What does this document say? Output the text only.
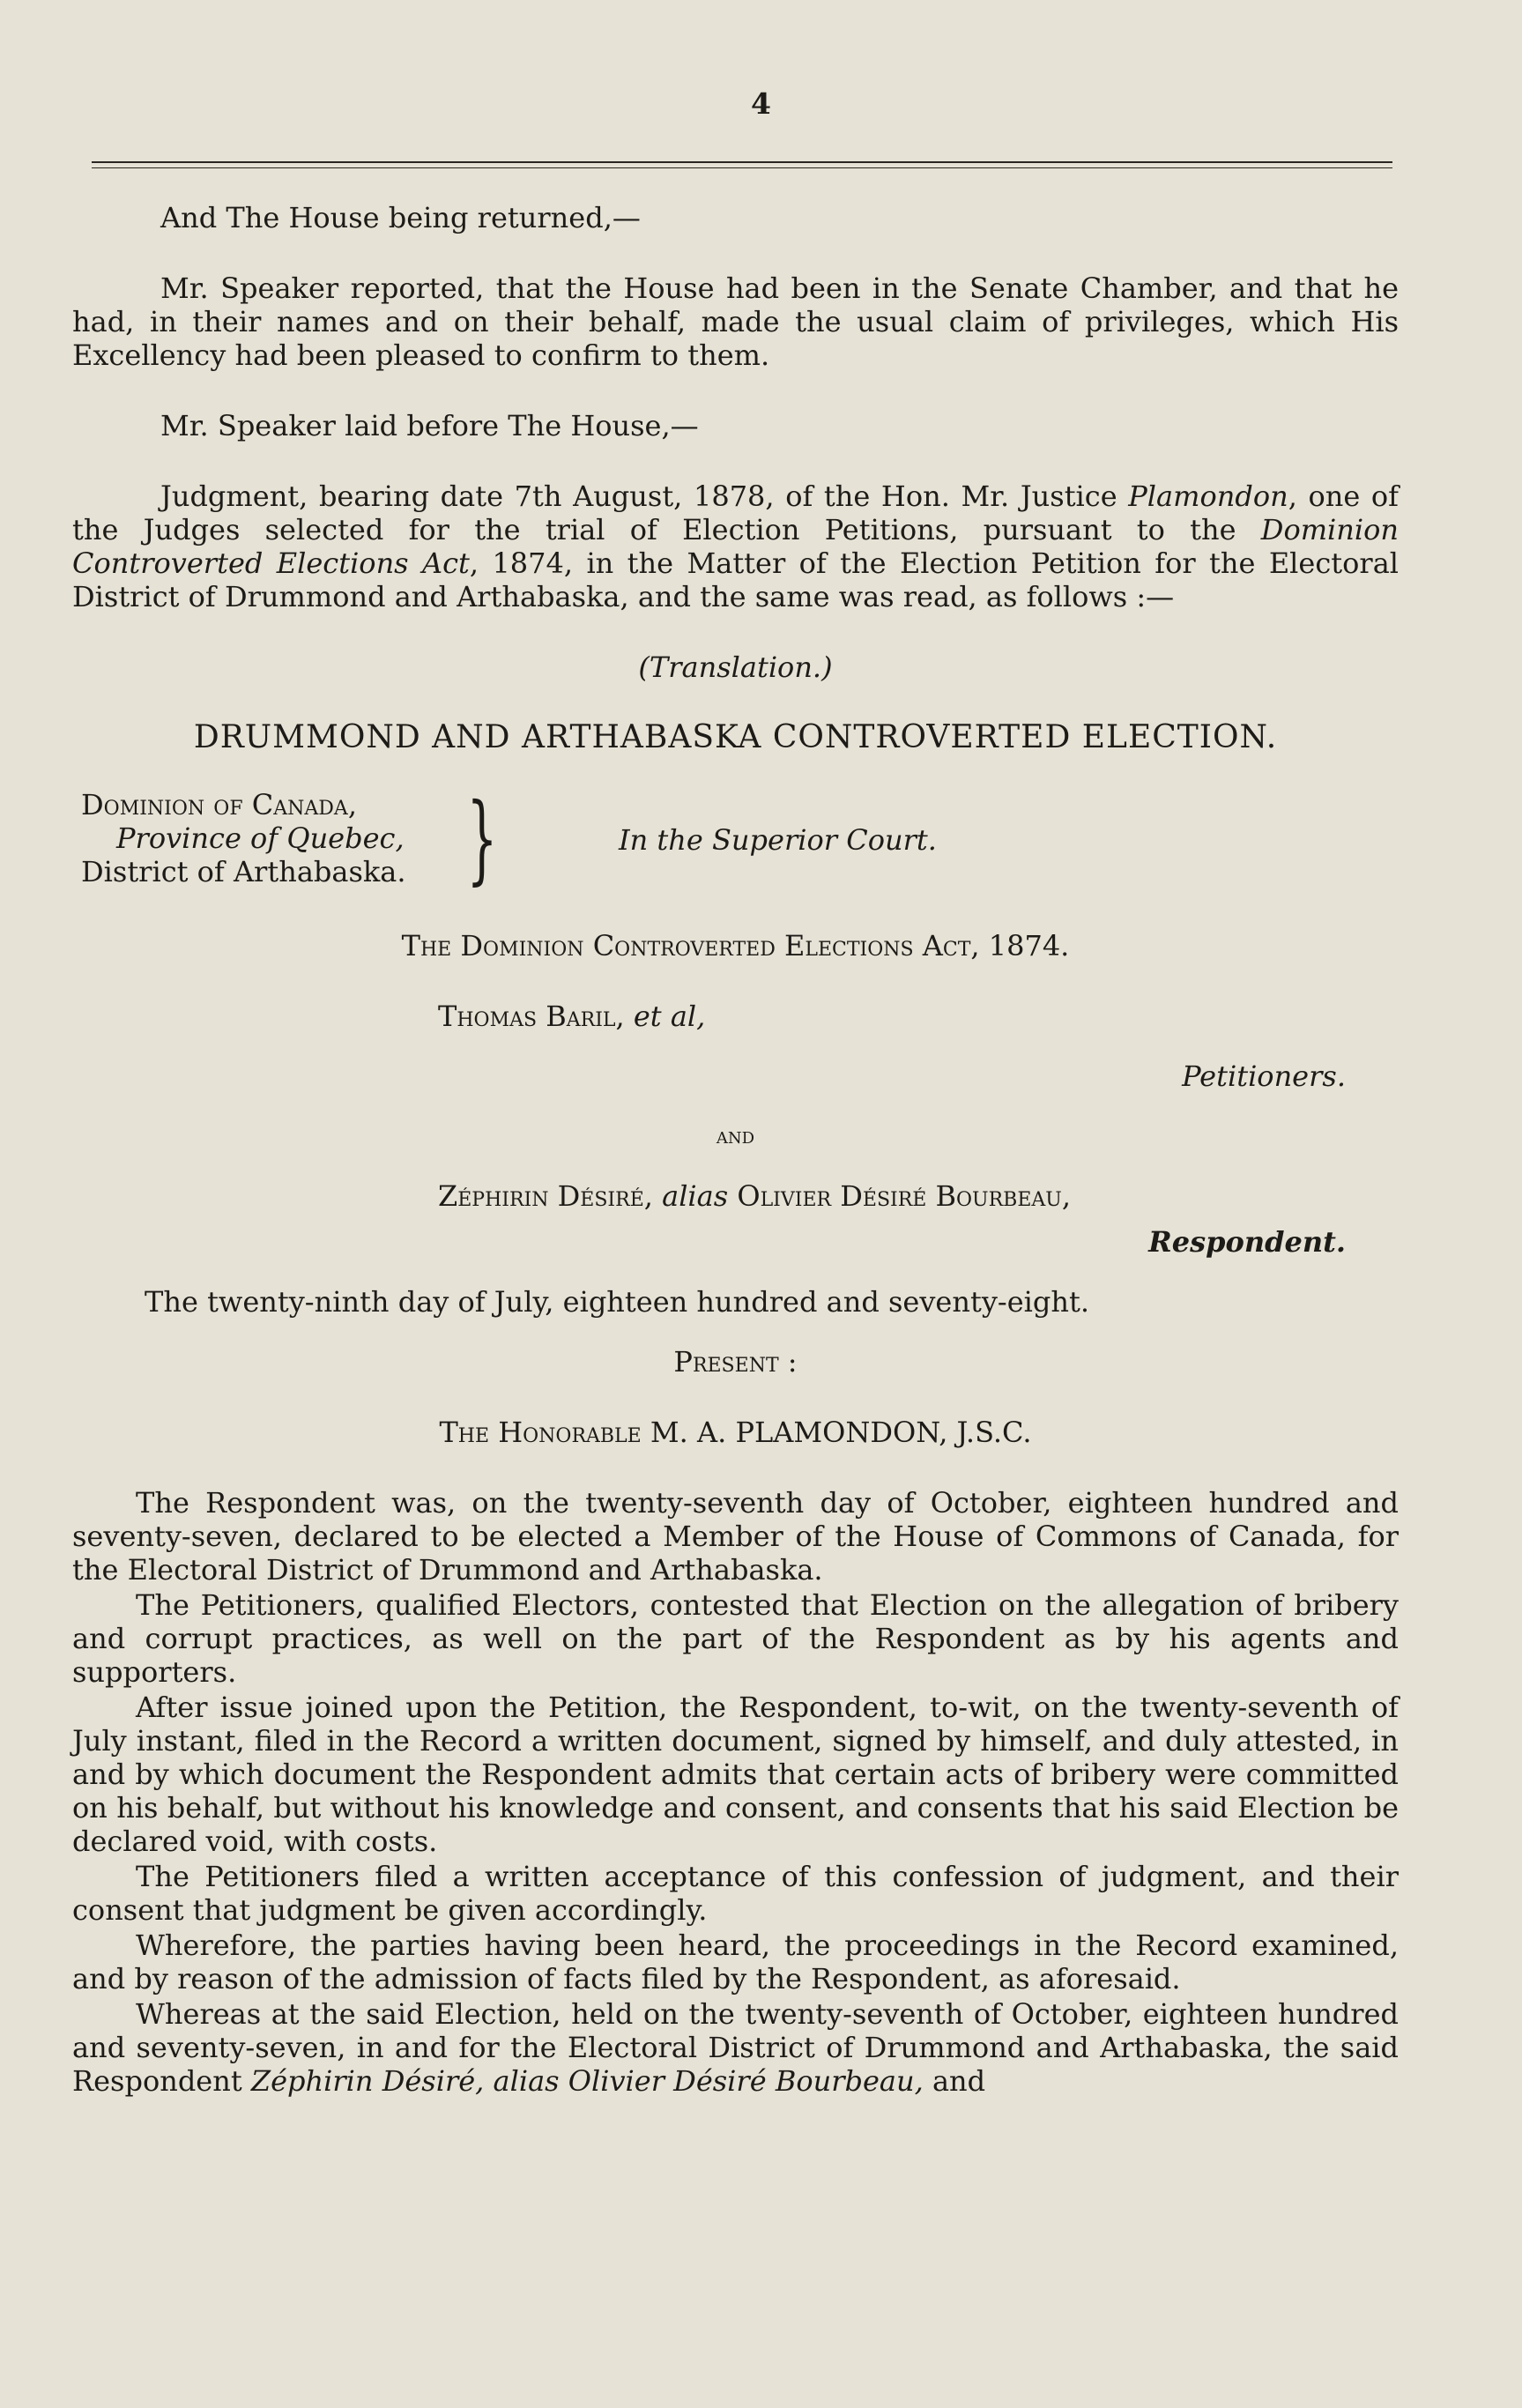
4

And The House being returned,—

Mr. Speaker reported, that the House had been in the Senate Chamber, and that he had, in their names and on their behalf, made the usual claim of privileges, which His Excellency had been pleased to confirm to them.

Mr. Speaker laid before The House,—

Judgment, bearing date 7th August, 1878, of the Hon. Mr. Justice Plamondon, one of the Judges selected for the trial of Election Petitions, pursuant to the Dominion Controverted Elections Act, 1874, in the Matter of the Election Petition for the Electoral District of Drummond and Arthabaska, and the same was read, as follows :—

(Translation.)

DRUMMOND AND ARTHABASKA CONTROVERTED ELECTION.

Dominion of Canada,
Province of Quebec,
District of Arthabaska. }	In the Superior Court.

The Dominion Controverted Elections Act, 1874.

Thomas Baril, et al,

Petitioners.

and

Zéphirin Désiré, alias Olivier Désiré Bourbeau,

Respondent.

The twenty-ninth day of July, eighteen hundred and seventy-eight.

Present :

The Honorable M. A. PLAMONDON, J.S.C.

The Respondent was, on the twenty-seventh day of October, eighteen hundred and seventy-seven, declared to be elected a Member of the House of Commons of Canada, for the Electoral District of Drummond and Arthabaska.

The Petitioners, qualified Electors, contested that Election on the allegation of bribery and corrupt practices, as well on the part of the Respondent as by his agents and supporters.

After issue joined upon the Petition, the Respondent, to-wit, on the twenty-seventh of July instant, filed in the Record a written document, signed by himself, and duly attested, in and by which document the Respondent admits that certain acts of bribery were committed on his behalf, but without his knowledge and consent, and consents that his said Election be declared void, with costs.

The Petitioners filed a written acceptance of this confession of judgment, and their consent that judgment be given accordingly.

Wherefore, the parties having been heard, the proceedings in the Record examined, and by reason of the admission of facts filed by the Respondent, as aforesaid.

Whereas at the said Election, held on the twenty-seventh of October, eighteen hundred and seventy-seven, in and for the Electoral District of Drummond and Arthabaska, the said Respondent Zéphirin Désiré, alias Olivier Désiré Bourbeau, and
